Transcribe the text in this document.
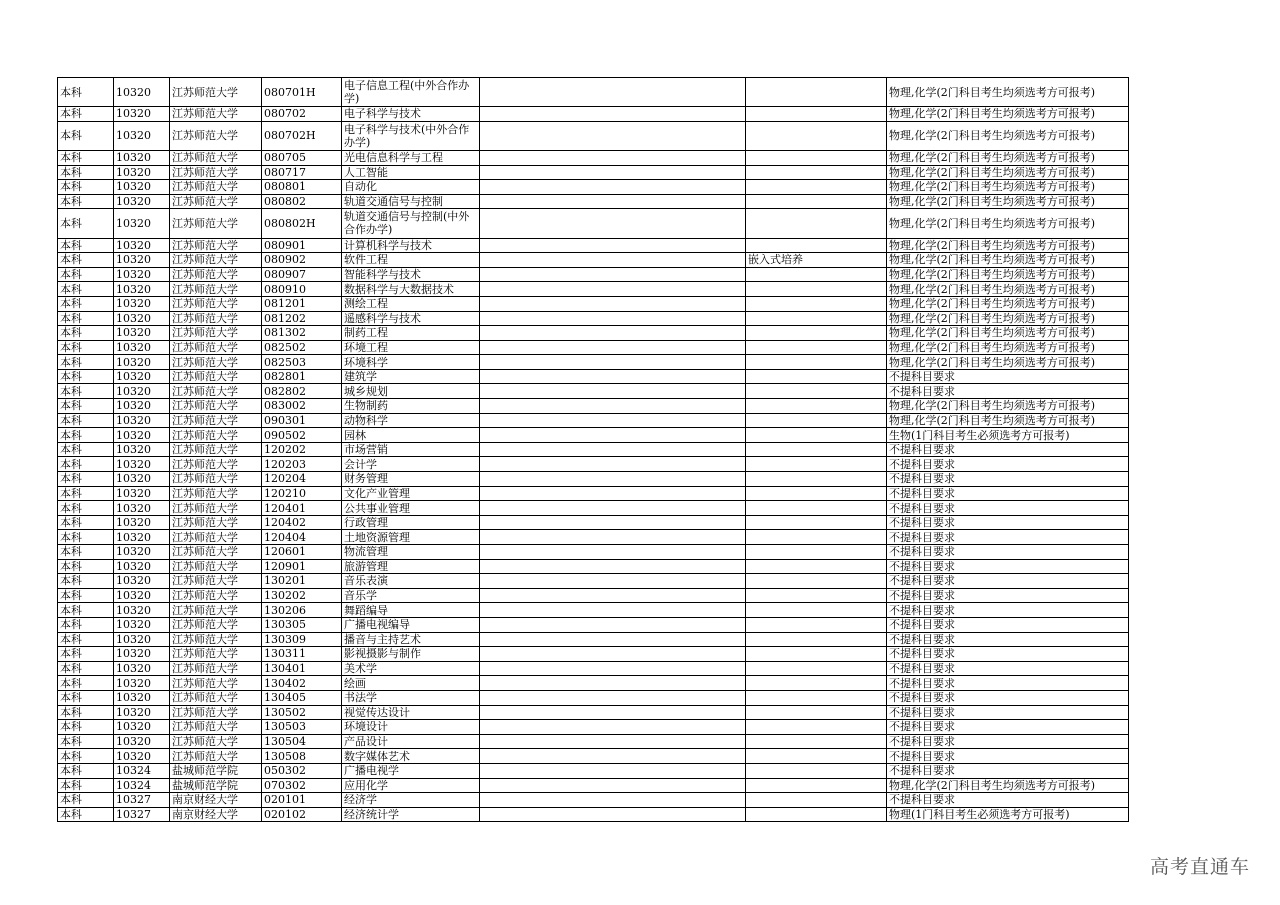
本科	10320	江苏师范大学	080701H	电子信息工程(中外合作办学)			物理,化学(2门科目考生均须选考方可报考)
本科	10320	江苏师范大学	080702	电子科学与技术			物理,化学(2门科目考生均须选考方可报考)
本科	10320	江苏师范大学	080702H	电子科学与技术(中外合作办学)			物理,化学(2门科目考生均须选考方可报考)
本科	10320	江苏师范大学	080705	光电信息科学与工程			物理,化学(2门科目考生均须选考方可报考)
本科	10320	江苏师范大学	080717	人工智能			物理,化学(2门科目考生均须选考方可报考)
本科	10320	江苏师范大学	080801	自动化			物理,化学(2门科目考生均须选考方可报考)
本科	10320	江苏师范大学	080802	轨道交通信号与控制			物理,化学(2门科目考生均须选考方可报考)
本科	10320	江苏师范大学	080802H	轨道交通信号与控制(中外合作办学)			物理,化学(2门科目考生均须选考方可报考)
本科	10320	江苏师范大学	080901	计算机科学与技术			物理,化学(2门科目考生均须选考方可报考)
本科	10320	江苏师范大学	080902	软件工程		嵌入式培养	物理,化学(2门科目考生均须选考方可报考)
本科	10320	江苏师范大学	080907	智能科学与技术			物理,化学(2门科目考生均须选考方可报考)
本科	10320	江苏师范大学	080910	数据科学与大数据技术			物理,化学(2门科目考生均须选考方可报考)
本科	10320	江苏师范大学	081201	测绘工程			物理,化学(2门科目考生均须选考方可报考)
本科	10320	江苏师范大学	081202	遥感科学与技术			物理,化学(2门科目考生均须选考方可报考)
本科	10320	江苏师范大学	081302	制药工程			物理,化学(2门科目考生均须选考方可报考)
本科	10320	江苏师范大学	082502	环境工程			物理,化学(2门科目考生均须选考方可报考)
本科	10320	江苏师范大学	082503	环境科学			物理,化学(2门科目考生均须选考方可报考)
本科	10320	江苏师范大学	082801	建筑学			不提科目要求
本科	10320	江苏师范大学	082802	城乡规划			不提科目要求
本科	10320	江苏师范大学	083002	生物制药			物理,化学(2门科目考生均须选考方可报考)
本科	10320	江苏师范大学	090301	动物科学			物理,化学(2门科目考生均须选考方可报考)
本科	10320	江苏师范大学	090502	园林			生物(1门科目考生必须选考方可报考)
本科	10320	江苏师范大学	120202	市场营销			不提科目要求
本科	10320	江苏师范大学	120203	会计学			不提科目要求
本科	10320	江苏师范大学	120204	财务管理			不提科目要求
本科	10320	江苏师范大学	120210	文化产业管理			不提科目要求
本科	10320	江苏师范大学	120401	公共事业管理			不提科目要求
本科	10320	江苏师范大学	120402	行政管理			不提科目要求
本科	10320	江苏师范大学	120404	土地资源管理			不提科目要求
本科	10320	江苏师范大学	120601	物流管理			不提科目要求
本科	10320	江苏师范大学	120901	旅游管理			不提科目要求
本科	10320	江苏师范大学	130201	音乐表演			不提科目要求
本科	10320	江苏师范大学	130202	音乐学			不提科目要求
本科	10320	江苏师范大学	130206	舞蹈编导			不提科目要求
本科	10320	江苏师范大学	130305	广播电视编导			不提科目要求
本科	10320	江苏师范大学	130309	播音与主持艺术			不提科目要求
本科	10320	江苏师范大学	130311	影视摄影与制作			不提科目要求
本科	10320	江苏师范大学	130401	美术学			不提科目要求
本科	10320	江苏师范大学	130402	绘画			不提科目要求
本科	10320	江苏师范大学	130405	书法学			不提科目要求
本科	10320	江苏师范大学	130502	视觉传达设计			不提科目要求
本科	10320	江苏师范大学	130503	环境设计			不提科目要求
本科	10320	江苏师范大学	130504	产品设计			不提科目要求
本科	10320	江苏师范大学	130508	数字媒体艺术			不提科目要求
本科	10324	盐城师范学院	050302	广播电视学			不提科目要求
本科	10324	盐城师范学院	070302	应用化学			物理,化学(2门科目考生均须选考方可报考)
本科	10327	南京财经大学	020101	经济学			不提科目要求
本科	10327	南京财经大学	020102	经济统计学			物理(1门科目考生必须选考方可报考)
高考直通车
